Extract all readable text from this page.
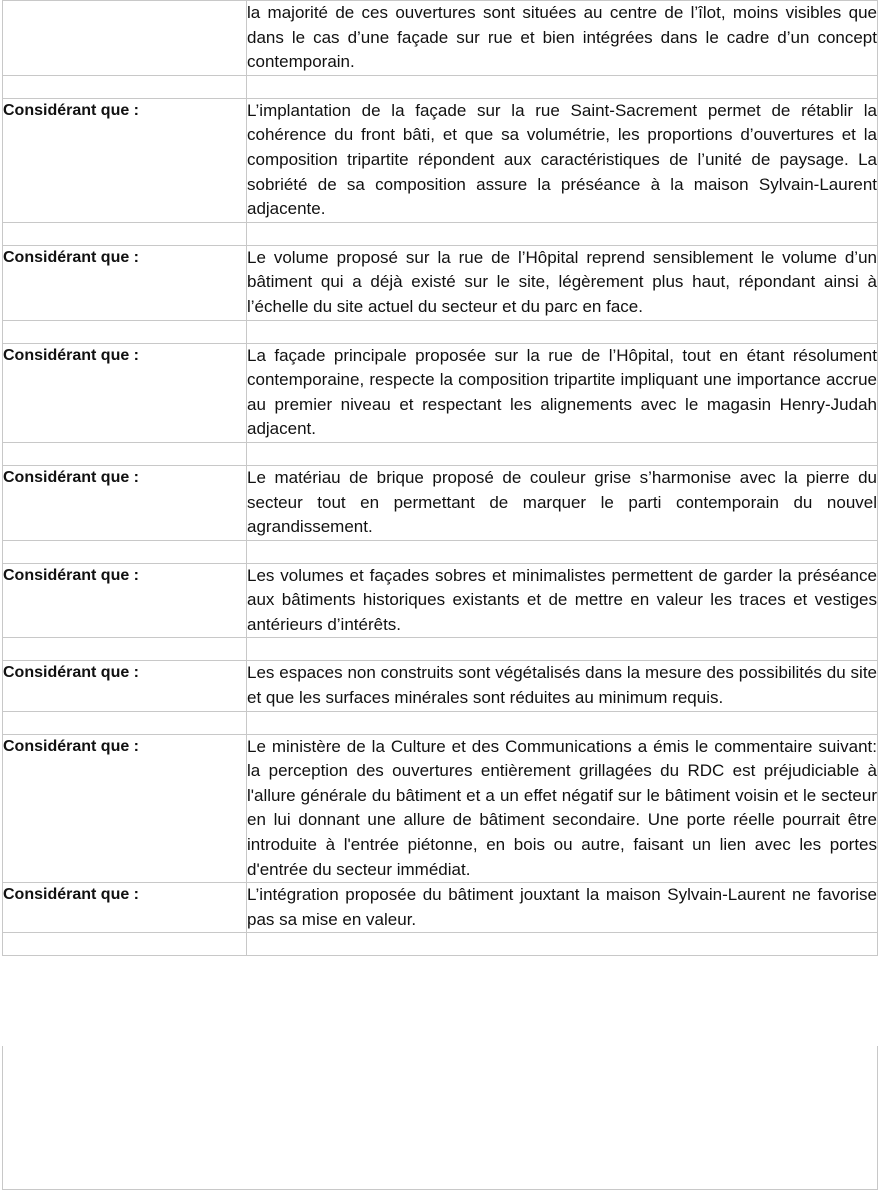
	la majorité de ces ouvertures sont situées au centre de l’îlot, moins visibles que dans le cas d’une façade sur rue et bien intégrées dans le cadre d’un concept contemporain.

Considérant que :	L’implantation de la façade sur la rue Saint-Sacrement permet de rétablir la cohérence du front bâti, et que sa volumétrie, les proportions d’ouvertures et la composition tripartite répondent aux caractéristiques de l’unité de paysage. La sobriété de sa composition assure la préséance à la maison Sylvain-Laurent adjacente.

Considérant que :	Le volume proposé sur la rue de l’Hôpital reprend sensiblement le volume d’un bâtiment qui a déjà existé sur le site, légèrement plus haut, répondant ainsi à l’échelle du site actuel du secteur et du parc en face.

Considérant que :	La façade principale proposée sur la rue de l’Hôpital, tout en étant résolument contemporaine, respecte la composition tripartite impliquant une importance accrue au premier niveau et respectant les alignements avec le magasin Henry-Judah adjacent.

Considérant que :	Le matériau de brique proposé de couleur grise s’harmonise avec la pierre du secteur tout en permettant de marquer le parti contemporain du nouvel agrandissement.

Considérant que :	Les volumes et façades sobres et minimalistes permettent de garder la préséance aux bâtiments historiques existants et de mettre en valeur les traces et vestiges antérieurs d’intérêts.

Considérant que :	Les espaces non construits sont végétalisés dans la mesure des possibilités du site et que les surfaces minérales sont réduites au minimum requis.

Considérant que :	Le ministère de la Culture et des Communications a émis le commentaire suivant: la perception des ouvertures entièrement grillagées du RDC est préjudiciable à l'allure générale du bâtiment et a un effet négatif sur le bâtiment voisin et le secteur en lui donnant une allure de bâtiment secondaire. Une porte réelle pourrait être introduite à l'entrée piétonne, en bois ou autre, faisant un lien avec les portes d'entrée du secteur immédiat.
Considérant que :	L’intégration proposée du bâtiment jouxtant la maison Sylvain-Laurent ne favorise pas sa mise en valeur.
